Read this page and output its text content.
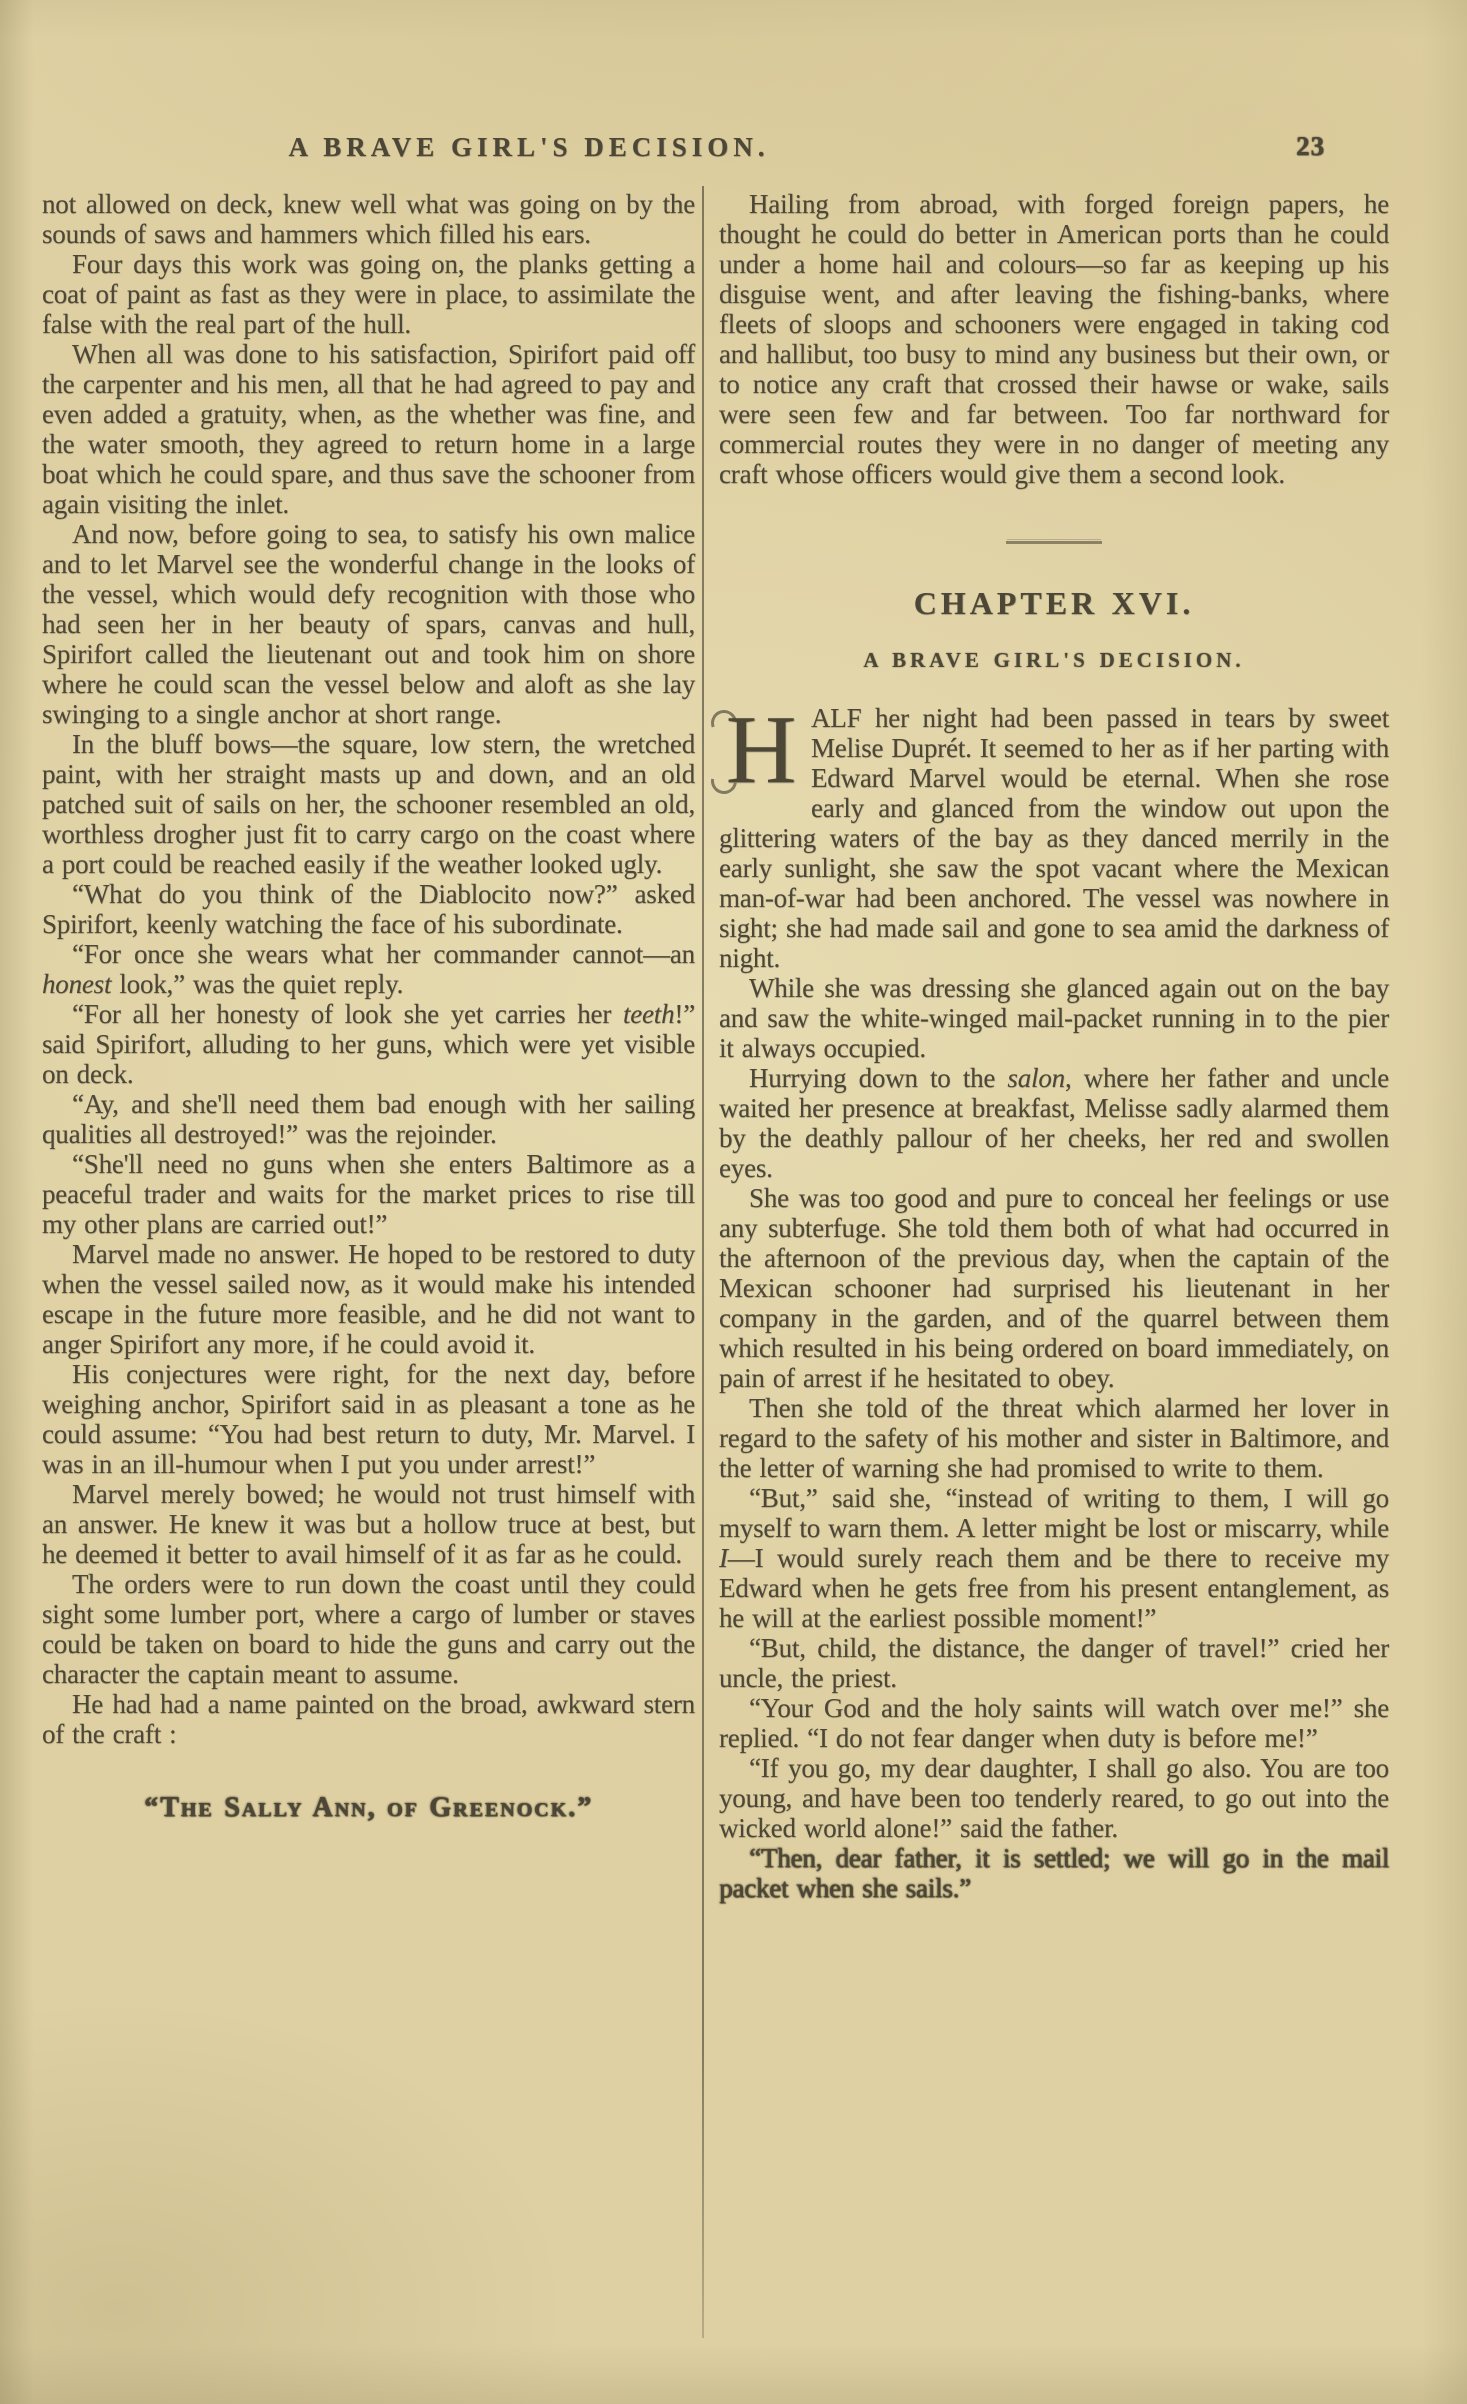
A BRAVE GIRL'S DECISION.	23

not allowed on deck, knew well what was going on by the sounds of saws and hammers which filled his ears.

Four days this work was going on, the planks getting a coat of paint as fast as they were in place, to assimilate the false with the real part of the hull.

When all was done to his satisfaction, Spirifort paid off the carpenter and his men, all that he had agreed to pay and even added a gratuity, when, as the whether was fine, and the water smooth, they agreed to return home in a large boat which he could spare, and thus save the schooner from again visiting the inlet.

And now, before going to sea, to satisfy his own malice and to let Marvel see the wonderful change in the looks of the vessel, which would defy recognition with those who had seen her in her beauty of spars, canvas and hull, Spirifort called the lieutenant out and took him on shore where he could scan the vessel below and aloft as she lay swinging to a single anchor at short range.

In the bluff bows—the square, low stern, the wretched paint, with her straight masts up and down, and an old patched suit of sails on her, the schooner resembled an old, worthless drogher just fit to carry cargo on the coast where a port could be reached easily if the weather looked ugly.

“What do you think of the Diablocito now?” asked Spirifort, keenly watching the face of his subordinate.

“For once she wears what her commander cannot—an honest look,” was the quiet reply.

“For all her honesty of look she yet carries her teeth!” said Spirifort, alluding to her guns, which were yet visible on deck.

“Ay, and she'll need them bad enough with her sailing qualities all destroyed!” was the rejoinder.

“She'll need no guns when she enters Baltimore as a peaceful trader and waits for the market prices to rise till my other plans are carried out!”

Marvel made no answer. He hoped to be restored to duty when the vessel sailed now, as it would make his intended escape in the future more feasible, and he did not want to anger Spirifort any more, if he could avoid it.

His conjectures were right, for the next day, before weighing anchor, Spirifort said in as pleasant a tone as he could assume: “You had best return to duty, Mr. Marvel. I was in an ill-humour when I put you under arrest!”

Marvel merely bowed; he would not trust himself with an answer. He knew it was but a hollow truce at best, but he deemed it better to avail himself of it as far as he could.

The orders were to run down the coast until they could sight some lumber port, where a cargo of lumber or staves could be taken on board to hide the guns and carry out the character the captain meant to assume.

He had had a name painted on the broad, awkward stern of the craft :

“The Sally Ann, of Greenock.”

Hailing from abroad, with forged foreign papers, he thought he could do better in American ports than he could under a home hail and colours—so far as keeping up his disguise went, and after leaving the fishing-banks, where fleets of sloops and schooners were engaged in taking cod and hallibut, too busy to mind any business but their own, or to notice any craft that crossed their hawse or wake, sails were seen few and far between. Too far northward for commercial routes they were in no danger of meeting any craft whose officers would give them a second look.

CHAPTER XVI.
A BRAVE GIRL'S DECISION.

HALF her night had been passed in tears by sweet Melise Duprét. It seemed to her as if her parting with Edward Marvel would be eternal. When she rose early and glanced from the window out upon the glittering waters of the bay as they danced merrily in the early sunlight, she saw the spot vacant where the Mexican man-of-war had been anchored. The vessel was nowhere in sight; she had made sail and gone to sea amid the darkness of night.

While she was dressing she glanced again out on the bay and saw the white-winged mail-packet running in to the pier it always occupied.

Hurrying down to the salon, where her father and uncle waited her presence at breakfast, Melisse sadly alarmed them by the deathly pallour of her cheeks, her red and swollen eyes.

She was too good and pure to conceal her feelings or use any subterfuge. She told them both of what had occurred in the afternoon of the previous day, when the captain of the Mexican schooner had surprised his lieutenant in her company in the garden, and of the quarrel between them which resulted in his being ordered on board immediately, on pain of arrest if he hesitated to obey.

Then she told of the threat which alarmed her lover in regard to the safety of his mother and sister in Baltimore, and the letter of warning she had promised to write to them.

“But,” said she, “instead of writing to them, I will go myself to warn them. A letter might be lost or miscarry, while I—I would surely reach them and be there to receive my Edward when he gets free from his present entanglement, as he will at the earliest possible moment!”

“But, child, the distance, the danger of travel!” cried her uncle, the priest.

“Your God and the holy saints will watch over me!” she replied. “I do not fear danger when duty is before me!”

“If you go, my dear daughter, I shall go also. You are too young, and have been too tenderly reared, to go out into the wicked world alone!” said the father.

“Then, dear father, it is settled; we will go in the mail packet when she sails.”
